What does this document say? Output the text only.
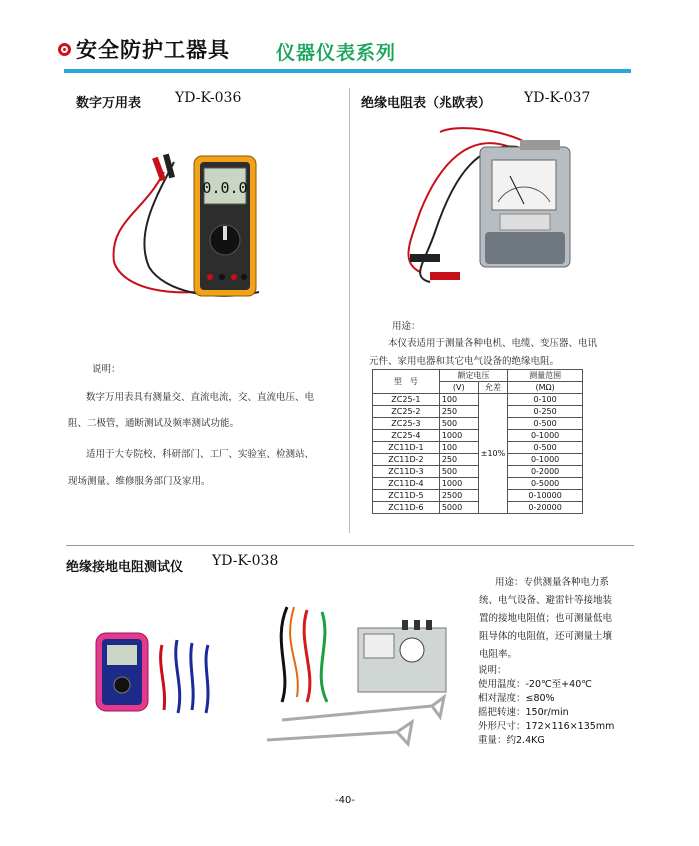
安全防护工器具 仪器仪表系列
数字万用表 YD-K-036
0.0.0
说明：
数字万用表具有测量交、直流电流，交、直流电压、电
阻、二极管，通断测试及频率测试功能。
适用于大专院校、科研部门、工厂、实验室、检测站、
现场测量、维修服务部门及家用。
绝缘电阻表（兆欧表） YD-K-037
用途：
本仪表适用于测量各种电机、电缆、变压器、电讯
元件、家用电器和其它电气设备的绝缘电阻。
型　号	额定电压		测量范围
	(V)	允差	(MΩ)
ZC25-1	100	±10%	0-100
ZC25-2	250		0-250
ZC25-3	500		0-500
ZC25-4	1000		0-1000
ZC11D-1	100		0-500
ZC11D-2	250		0-1000
ZC11D-3	500		0-2000
ZC11D-4	1000		0-5000
ZC11D-5	2500		0-10000
ZC11D-6	5000		0-20000
绝缘接地电阻测试仪 YD-K-038
用途：专供测量各种电力系
统、电气设备、避雷针等接地装
置的接地电阻值；也可测量低电
阻导体的电阻值，还可测量土壤
电阻率。
说明：
使用温度：-20℃至+40℃
相对湿度：≤80%
摇把转速：150r/min
外形尺寸：172×116×135mm
重量：约2.4KG
-40-
